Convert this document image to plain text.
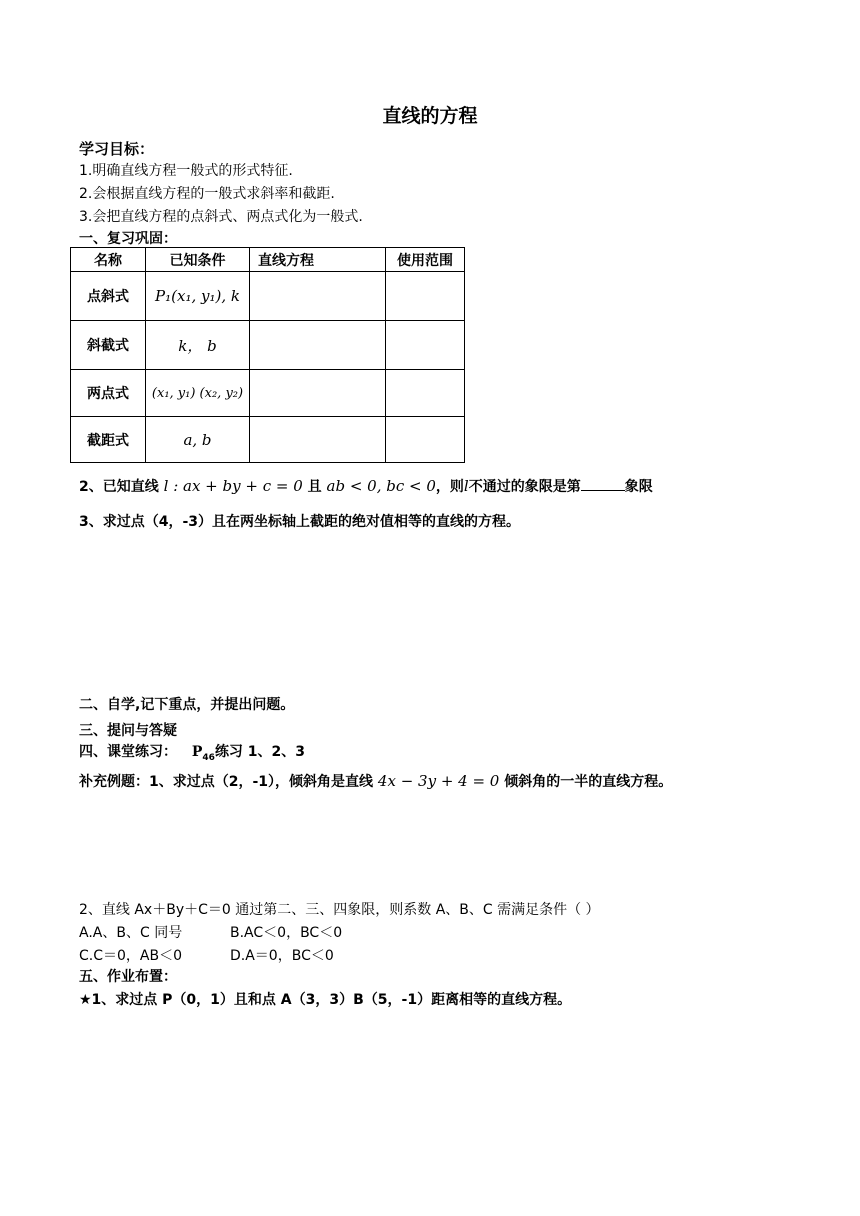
直线的方程
学习目标：
1.明确直线方程一般式的形式特征.
2.会根据直线方程的一般式求斜率和截距.
3.会把直线方程的点斜式、两点式化为一般式.
一、复习巩固：
名称	已知条件	直线方程	使用范围
点斜式	P₁(x₁, y₁), k		
斜截式	k， b		
两点式	(x₁, y₁) (x₂, y₂)		
截距式	a, b		
2、已知直线 l : ax + by + c = 0 且 ab < 0, bc < 0，则l不通过的象限是第	象限
3、求过点（4，-3）且在两坐标轴上截距的绝对值相等的直线的方程。
二、自学,记下重点，并提出问题。
三、提问与答疑
四、课堂练习： $P_{46}$练习 1、2、3
补充例题：1、求过点（2，-1），倾斜角是直线 4x − 3y + 4 = 0 倾斜角的一半的直线方程。
2、直线 Ax＋By＋C＝0 通过第二、三、四象限，则系数 A、B、C 需满足条件（ ）
A.A、B、C 同号	B.AC＜0，BC＜0
C.C＝0，AB＜0	D.A＝0，BC＜0
五、作业布置：
★1、求过点 P（0，1）且和点 A（3，3）B（5，-1）距离相等的直线方程。
